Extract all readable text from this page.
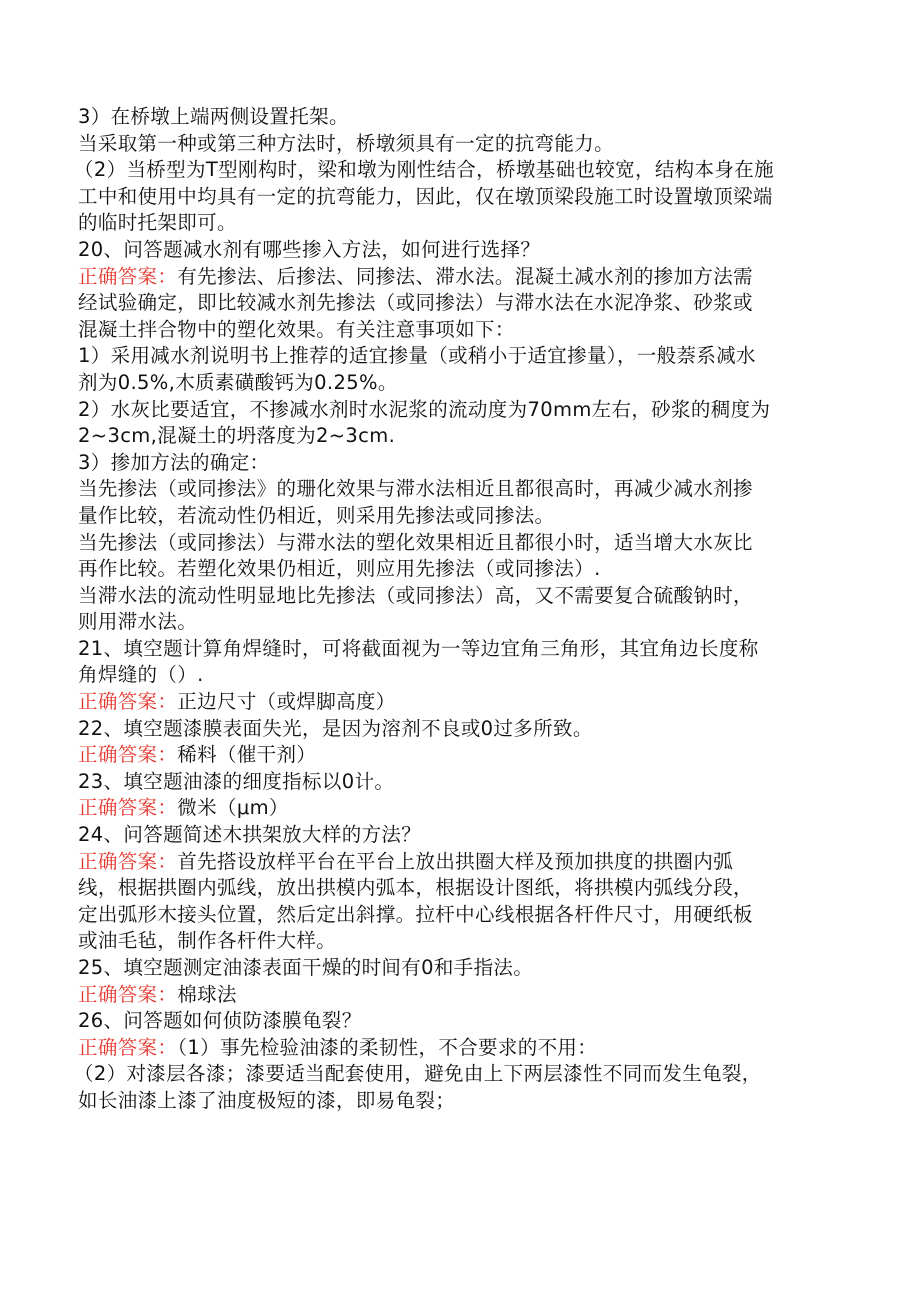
3）在桥墩上端两侧设置托架。
当采取第一种或第三种方法时，桥墩须具有一定的抗弯能力。
（2）当桥型为T型刚构时，梁和墩为刚性结合，桥墩基础也较宽，结构本身在施
工中和使用中均具有一定的抗弯能力，因此，仅在墩顶梁段施工时设置墩顶梁端
的临时托架即可。
20、问答题减水剂有哪些掺入方法，如何进行选择？
正确答案：有先掺法、后掺法、同掺法、滞水法。混凝土减水剂的掺加方法需
经试验确定，即比较减水剂先掺法（或同掺法）与滞水法在水泥净浆、砂浆或
混凝土拌合物中的塑化效果。有关注意事项如下：
1）采用减水剂说明书上推荐的适宜掺量（或稍小于适宜掺量），一般萘系减水
剂为0.5%,木质素磺酸钙为0.25%。
2）水灰比要适宜，不掺减水剂时水泥浆的流动度为70mm左右，砂浆的稠度为
2~3cm,混凝土的坍落度为2~3cm.
3）掺加方法的确定：
当先掺法（或同掺法》的珊化效果与滞水法相近且都很高时，再减少减水剂掺
量作比较，若流动性仍相近，则采用先掺法或同掺法。
当先掺法（或同掺法）与滞水法的塑化效果相近且都很小时，适当增大水灰比
再作比较。若塑化效果仍相近，则应用先掺法（或同掺法）.
当滞水法的流动性明显地比先掺法（或同掺法）高，又不需要复合硫酸钠时，
则用滞水法。
21、填空题计算角焊缝时，可将截面视为一等边宜角三角形，其宜角边长度称
角焊缝的（）.
正确答案：正边尺寸（或焊脚高度）
22、填空题漆膜表面失光，是因为溶剂不良或0过多所致。
正确答案：稀料（催干剂）
23、填空题油漆的细度指标以0计。
正确答案：微米（μm）
24、问答题简述木拱架放大样的方法？
正确答案：首先搭设放样平台在平台上放出拱圈大样及预加拱度的拱圈内弧
线，根据拱圈内弧线，放出拱模内弧本，根据设计图纸，将拱模内弧线分段，
定出弧形木接头位置，然后定出斜撑。拉杆中心线根据各杆件尺寸，用硬纸板
或油毛毡，制作各杆件大样。
25、填空题测定油漆表面干燥的时间有0和手指法。
正确答案：棉球法
26、问答题如何侦防漆膜龟裂？
正确答案：（1）事先检验油漆的柔韧性，不合要求的不用：
（2）对漆层各漆；漆要适当配套使用，避免由上下两层漆性不同而发生龟裂，
如长油漆上漆了油度极短的漆，即易龟裂；
